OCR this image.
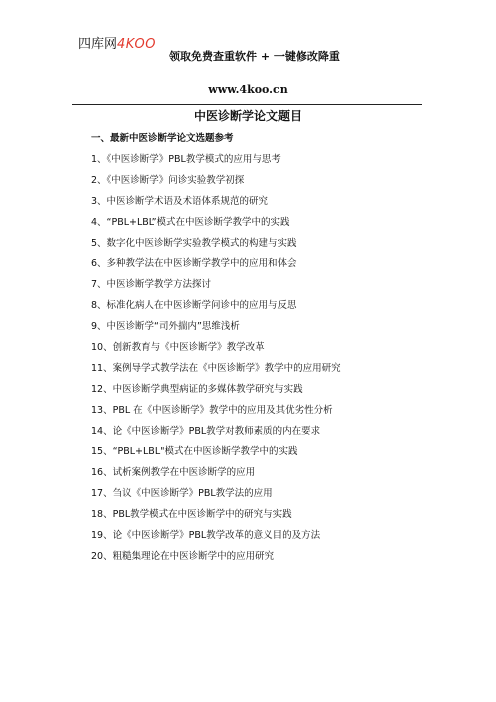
四库网4KOO
领取免费查重软件 + 一键修改降重
www.4koo.cn
中医诊断学论文题目
一、最新中医诊断学论文选题参考
1、《中医诊断学》PBL教学模式的应用与思考
2、《中医诊断学》问诊实验教学初探
3、中医诊断学术语及术语体系规范的研究
4、“PBL+LBL”模式在中医诊断学教学中的实践
5、数字化中医诊断学实验教学模式的构建与实践
6、多种教学法在中医诊断学教学中的应用和体会
7、中医诊断学教学方法探讨
8、标准化病人在中医诊断学问诊中的应用与反思
9、中医诊断学“司外揣内”思维浅析
10、创新教育与《中医诊断学》教学改革
11、案例导学式教学法在《中医诊断学》教学中的应用研究
12、中医诊断学典型病证的多媒体教学研究与实践
13、PBL 在《中医诊断学》教学中的应用及其优劣性分析
14、论《中医诊断学》PBL教学对教师素质的内在要求
15、“PBL+LBL"模式在中医诊断学教学中的实践
16、试析案例教学在中医诊断学的应用
17、刍议《中医诊断学》PBL教学法的应用
18、PBL教学模式在中医诊断学中的研究与实践
19、论《中医诊断学》PBL教学改革的意义目的及方法
20、粗糙集理论在中医诊断学中的应用研究
